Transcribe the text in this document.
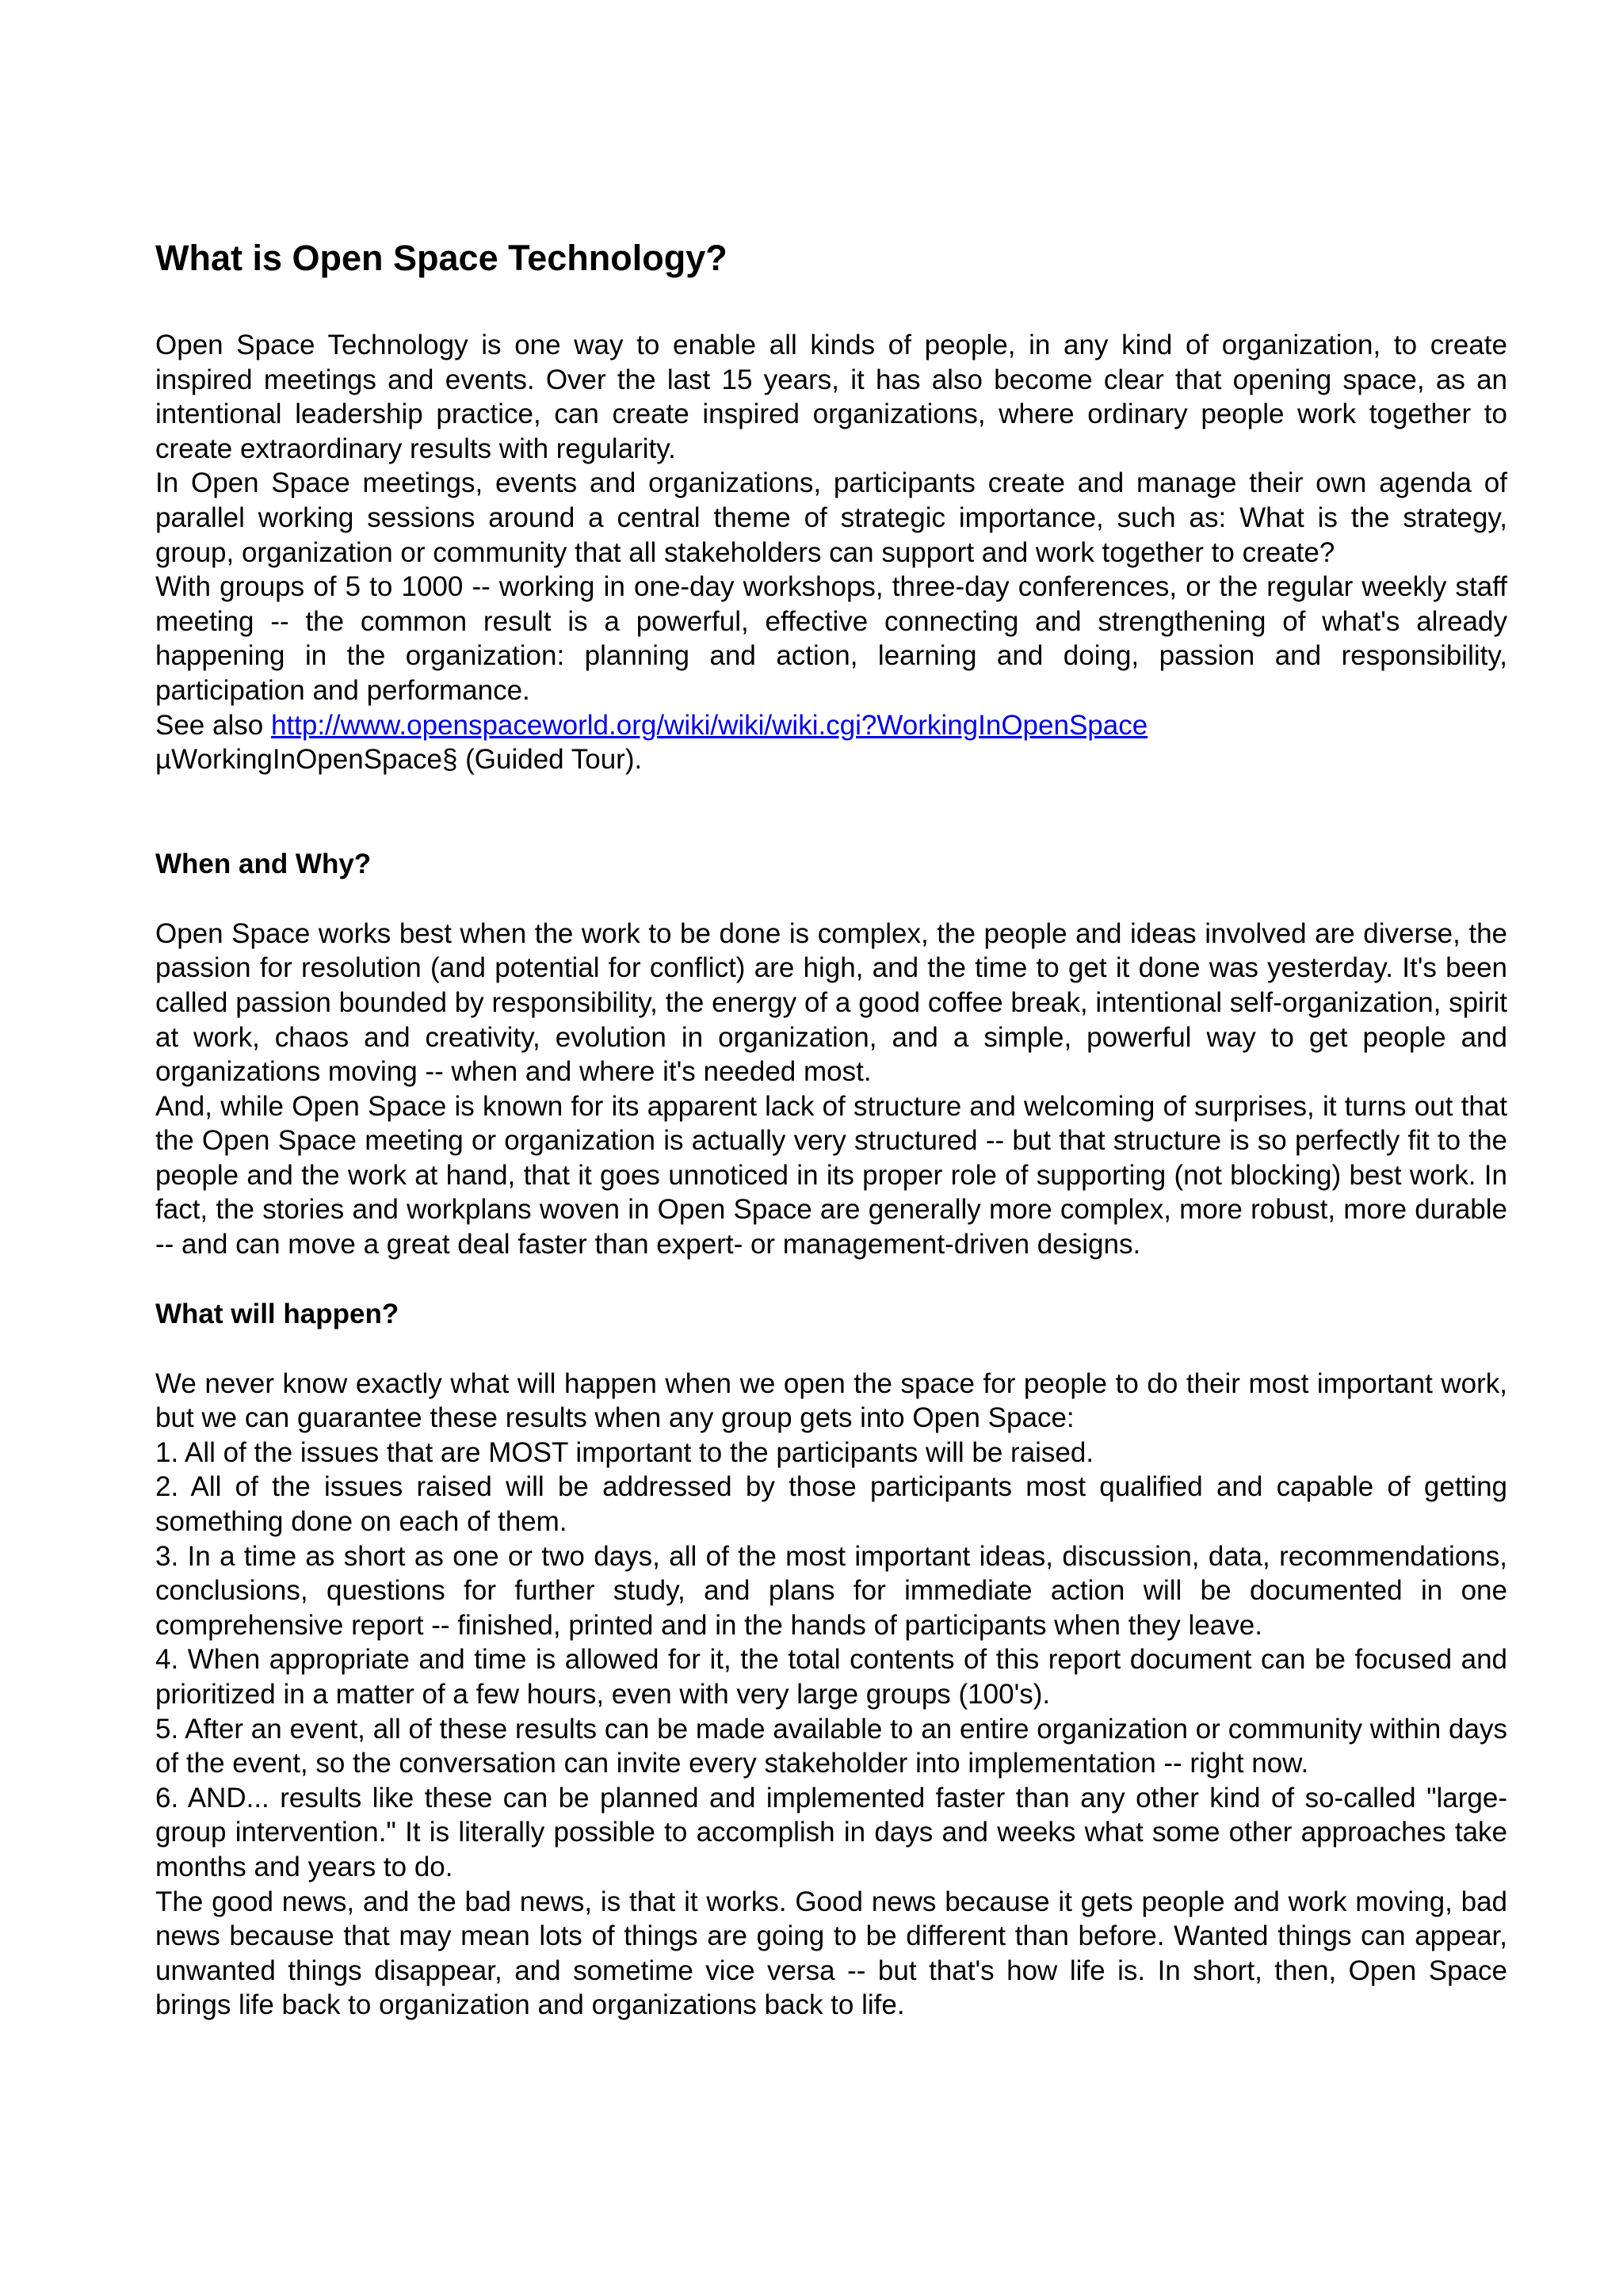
What is Open Space Technology?

Open Space Technology is one way to enable all kinds of people, in any kind of organization, to create inspired meetings and events. Over the last 15 years, it has also become clear that opening space, as an intentional leadership practice, can create inspired organizations, where ordinary people work together to create extraordinary results with regularity.

In Open Space meetings, events and organizations, participants create and manage their own agenda of parallel working sessions around a central theme of strategic importance, such as: What is the strategy, group, organization or community that all stakeholders can support and work together to create?

With groups of 5 to 1000 -- working in one-day workshops, three-day conferences, or the regular weekly staff meeting -- the common result is a powerful, effective connecting and strengthening of what's already happening in the organization: planning and action, learning and doing, passion and responsibility, participation and performance.

See also http://www.openspaceworld.org/wiki/wiki/wiki.cgi?WorkingInOpenSpace

µWorkingInOpenSpace§ (Guided Tour).

When and Why?

Open Space works best when the work to be done is complex, the people and ideas involved are diverse, the passion for resolution (and potential for conflict) are high, and the time to get it done was yesterday. It's been called passion bounded by responsibility, the energy of a good coffee break, intentional self-organization, spirit at work, chaos and creativity, evolution in organization, and a simple, powerful way to get people and organizations moving -- when and where it's needed most.

And, while Open Space is known for its apparent lack of structure and welcoming of surprises, it turns out that the Open Space meeting or organization is actually very structured -- but that structure is so perfectly fit to the people and the work at hand, that it goes unnoticed in its proper role of supporting (not blocking) best work. In fact, the stories and workplans woven in Open Space are generally more complex, more robust, more durable -- and can move a great deal faster than expert- or management-driven designs.

What will happen?

We never know exactly what will happen when we open the space for people to do their most important work, but we can guarantee these results when any group gets into Open Space:

1. All of the issues that are MOST important to the participants will be raised.

2. All of the issues raised will be addressed by those participants most qualified and capable of getting something done on each of them.

3. In a time as short as one or two days, all of the most important ideas, discussion, data, recommendations, conclusions, questions for further study, and plans for immediate action will be documented in one comprehensive report -- finished, printed and in the hands of participants when they leave.

4. When appropriate and time is allowed for it, the total contents of this report document can be focused and prioritized in a matter of a few hours, even with very large groups (100's).

5. After an event, all of these results can be made available to an entire organization or community within days of the event, so the conversation can invite every stakeholder into implementation -- right now.

6. AND... results like these can be planned and implemented faster than any other kind of so-called "large-group intervention." It is literally possible to accomplish in days and weeks what some other approaches take months and years to do.

The good news, and the bad news, is that it works. Good news because it gets people and work moving, bad news because that may mean lots of things are going to be different than before. Wanted things can appear, unwanted things disappear, and sometime vice versa -- but that's how life is. In short, then, Open Space brings life back to organization and organizations back to life.
